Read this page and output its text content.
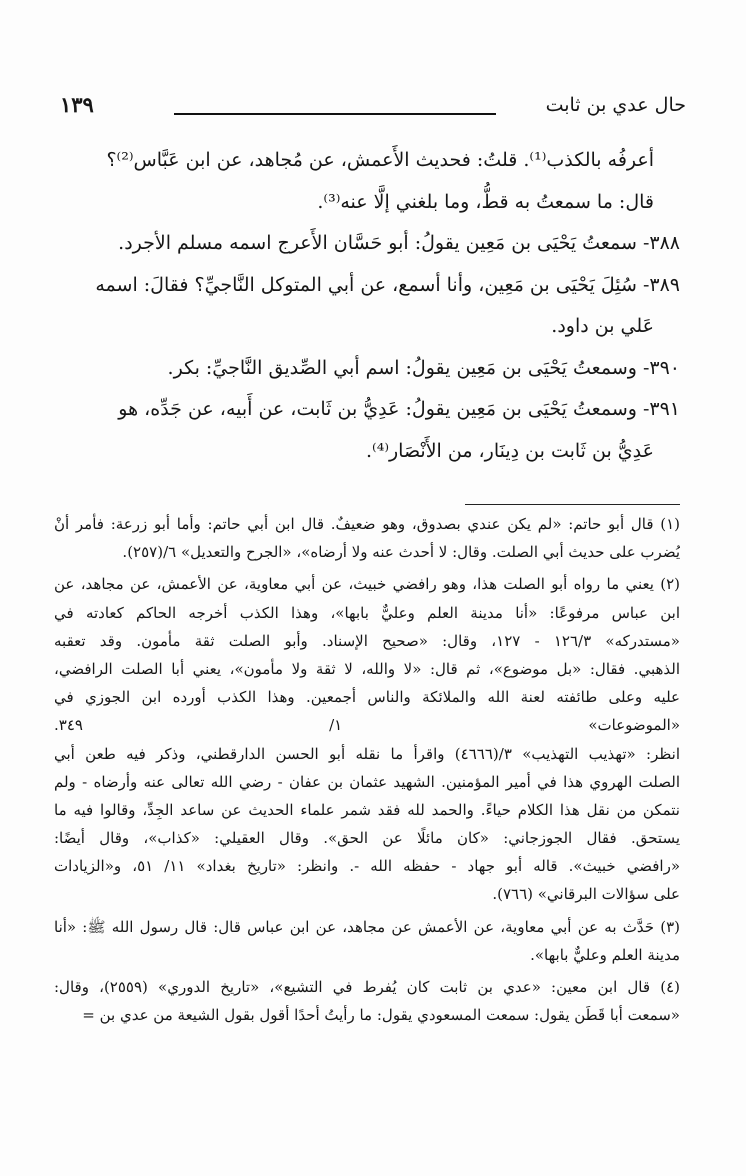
حال عدي بن ثابت
١٣٩
أعرفُه بالكذب⁽¹⁾. قلتُ: فحديث الأَعمش، عن مُجاهد، عن ابن عَبَّاس⁽²⁾؟
قال: ما سمعتُ به قطُّ، وما بلغني إلَّا عنه⁽³⁾.
٣٨٨- سمعتُ يَحْيَى بن مَعِين يقولُ: أبو حَسَّان الأَعرج اسمه مسلم الأجرد.
٣٨٩- سُئِلَ يَحْيَى بن مَعِين، وأنا أسمع، عن أبي المتوكل النَّاجيِّ؟ فقالَ: اسمه
عَلي بن داود.
٣٩٠- وسمعتُ يَحْيَى بن مَعِين يقولُ: اسم أبي الصِّديق النَّاجيِّ: بكر.
٣٩١- وسمعتُ يَحْيَى بن مَعِين يقولُ: عَدِيُّ بن ثَابت، عن أَبيه، عن جَدِّه، هو
عَدِيُّ بن ثَابت بن دِينَار، من الأَنْصَار⁽⁴⁾.
(١) قال أبو حاتم: «لم يكن عندي بصدوق، وهو ضعيفٌ. قال ابن أبي حاتم: وأما أبو زرعة: فأمر أنْ
يُضرب على حديث أبي الصلت. وقال: لا أحدث عنه ولا أرضاه»، «الجرح والتعديل» ٦/(٢٥٧).
(٢) يعني ما رواه أبو الصلت هذا، وهو رافضي خبيث، عن أبي معاوية، عن الأعمش، عن مجاهد، عن
ابن عباس مرفوعًا: «أنا مدينة العلم وعليٌّ بابها»، وهذا الكذب أخرجه الحاكم كعادته في
«مستدركه» ١٢٦/٣ - ١٢٧، وقال: «صحيح الإسناد. وأبو الصلت ثقة مأمون. وقد تعقبه
الذهبي. فقال: «بل موضوع»، ثم قال: «لا والله، لا ثقة ولا مأمون»، يعني أبا الصلت الرافضي،
عليه وعلى طائفته لعنة الله والملائكة والناس أجمعين. وهذا الكذب أورده ابن الجوزي في
«الموضوعات» ١/ ٣٤٩.
انظر: «تهذيب التهذيب» ٣/(٤٦٦٦) واقرأ ما نقله أبو الحسن الدارقطني، وذكر فيه طعن أبي
الصلت الهروي هذا في أمير المؤمنين. الشهيد عثمان بن عفان - رضي الله تعالى عنه وأرضاه - ولم
نتمكن من نقل هذا الكلام حياءً. والحمد لله فقد شمر علماء الحديث عن ساعد الجِدِّ، وقالوا فيه ما
يستحق. فقال الجوزجاني: «كان مائلًا عن الحق». وقال العقيلي: «كذاب»، وقال أيضًا:
«رافضي خبيث». قاله أبو جهاد - حفظه الله -. وانظر: «تاريخ بغداد» ١١/ ٥١، و«الزيادات
على سؤالات البرقاني» (٧٦٦).
(٣) حَدَّث به عن أبي معاوية، عن الأعمش عن مجاهد، عن ابن عباس قال: قال رسول الله ﷺ: «أنا
مدينة العلم وعليٌّ بابها».
(٤) قال ابن معين: «عدي بن ثابت كان يُفرط في التشيع»، «تاريخ الدوري» (٢٥٥٩)، وقال:
«سمعت أبا قَطَن يقول: سمعت المسعودي يقول: ما رأيتُ أحدًا أقول بقول الشيعة من عدي بن =
